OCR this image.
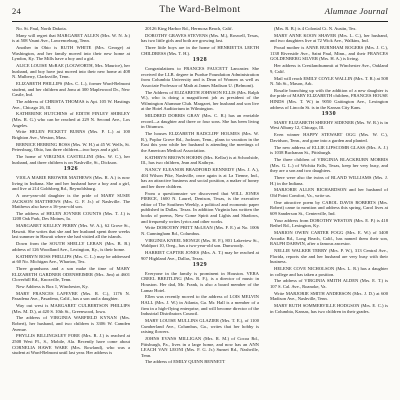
24	The Ward-Belmont	Alumnae Journal

No. St. Paul, North Dakota.

Many will regret that MARGARET ALLEN (Mrs. W. N. Jr.) is at 508 Vaunt Ave., Lawrenceburg, Tenn.

Another in Ohio is RUTH WHITE (Mrs. George) at Washington, and her family moved into their new home at Lyndon, Ky. The Mills have a boy and a girl.

ALICE LOUISE McRAE (LOGWORTH, Mrs. Maurice), her husband, and boy have just moved into their new home at 408 N. Mulberry, Clarksville, Tenn.

ELIZABETH PHILLIPS (Mrs. C. L.), former Ward-Belmont student, and her children and Jonu at 300 Maplewood Dr., New Castle, Ind.

The address of CHRISTA THOMAS is Apt. 105 W. Hastings Ave., Chicago 26, Ill.

KATHERINE HUTCHINS of EDITH FINLEY SHIRLEY (Mrs. R. G.) who can be reached at 229 N. Second Ave., Los Angeles.

Write HELEN PICKETT BURNS (Mrs. P. L.) at 100 Brighton Ave., Weston, Mass.

BERNICE HERRING ROSS (Mrs. W. H.) at 45 W. Wells, St. Petersburg, Ohio, has three children—two boys and a girl.

The home of VIRGINIA CASTELLINI (Mrs. W. C.), her husband, and three children is on Nashville, St., Dickson.

1926

VIOLA MARIE BROWER MATHEWS (Mrs. R. A.) is now living in Indiana. She and her husband have a boy and a girl, and live at 214 Goldsberg Rd., Reynoldsburg.

A one-year-old daughter is the pride of MARY SUSIE JACKSON MATTHEWS (Mrs. G. F. Jr.) of Nashville. The Matthews also have a 16-year-old son.

The address of HELEN JOYNER COUNTS (Mrs. T. J.) is 1208 Oak Park, Des Moines, Ia.

MARGARET KELLEY PERRY (Mrs. W. A.), 62 Grove St., Hawaii. She writes that she and her husband spent three weeks last summer in Hawaii where she had visited all the islands.

Down from the SOUTH SHELLY LEBAN (Mrs. B. B.) address of 126 Woodland Ave., Lexington, Ky., is their home.

KATHRYN ROSS PHILLIPS (Mrs. C. L.) may be addressed at 60 No. Michigan Ave., Wharton, Tex.

Three grandsons and a son make the time of MARY ELIZABETH GARDNER ODENHEIMER (Mrs. Jim) at 4601 Cloverhill Rd., Knoxville, Tenn.

New Address is Box 1, Winchester, Ky.

MARY FRANCES LAFEVRE (Mrs. R. C.), 1176 N. Pasadena Ave., Pasadena, Calif., has a son and a daughter.

Way out west is MARGARET CULBERTSON PHILLIPS (Mrs. M. D.), at 420 S. 10th St., Greenwood, Iowa.

The address of VIRGINIA WARFIELD KYNAN (Mrs. Robert), her husband, and two children is 3306 W. Camden Avenue.

PHYLLIS BILLINGSLEY FORE (Mrs. R. J.) is reached at 2508 West Pl., S., Mobile, Ala. Recently have come about CORNELIA HAWE WARE (Mrs. Rowland), who was a student at Ward-Belmont until last year. Her address is

20126 King Harbor Rd., Hermosa Beach, Calif.

DOROTHY GRAVES STEVENS (Mrs. M.), Roswell, Texas, has two little girls and both are growing fast.

Three little boys are in the home of HENRIETTA LEETH CHILDRESS (Mrs. T. H.).

1928

Congratulations to FRANCES FAUCETT Lancaster. She received the LLB. degree in Purdue Foundation Administration from Columbia University and is Dean of Women as well as Associate Professor of Math at James Madison U. (Belmont).

The Address of ELIZABETH JOHNSON ELLIS (Mrs. Ralph W.), who is doing a magnificent job as president of the Wilmington Alumnae Club. Margaret, her husband and son live at the Hotel Auditorium in Wilmington.

MILDRED DORRIS GRAY (Mrs. C. R.) has an enviable record—a daughter and three or four sons. She has been living in Ottumwa.

The houses ELIZABETH RADCLIFF HOLMES (Mrs. W. R.), Poplar Grove Rd., Jackson, Tenn., plans to vacation in the East this year while her husband is attending the meetings of the American Medical Association.

KATHRYN BROWN HOEHN (Mrs. Kellar) is at Schoolside, Ill., has two children, Jean and Kathryn.

NANCY ELEANOR BRADFORD KENNEDY (Mrs. J. A.), 404 Wilson Pike, Nashville, once again is at La Tienne, Ind., has an attractive business and social position, a maker of honey and her three children.

From a questionnaire we discovered that WILL JONES PIERCE, 1600 N. Laurel, Denison, Texas, is the executive editor of The Southern Weekly, a political and economic paper published in Dallas. Texas. In addition Virginia has written the books of poems, New Come Spirit and Lights and Shadows, and frequently writes lyrics and other works.

Write DOROTHY PRITT McLEAN (Mrs. F. E.) at No. 1006 N. Cunningham Rd., Columbus.

VIRGINIA KNEEL MONGE (Mrs. H. F.), 801 Lakeview St., Waldport 10, Oreg., has a two-year-old son. Dunwoody.

HARRIET CAPTER JONES (Mrs. A. T.) may be reached at 907 Highland Ave., Dallas, Texas.

1929

Everyone in the family is prominent in Houston. VERA CREEL BREITLING (Mrs. R. F.), is a director of music in Houston. Her dad, Mr. Frank, is also a board member of the Lamar Hotel.

Ellen was recently moved to the address of LOIS MELVIN HALL (Mrs. J. W.) in Atlanta, Ga. Mr. Hall is a member of a firm in a high-flying enterprise, and will become director of the Industrial Distributors Council.

MARY LOUISE MULLINS GLAZIER (Mrs. T. E.), of 1100 Cumberland Ave., Columbus, Ga., writes that her hobby is raising flowers.

JOHNS EVANS MILLIGAN (Mrs. R. M.) of Cocoa Rd., Pittsburgh, Pa., lives in a large home, and now has an ANN LEACH VAN LEONI (Mrs. F. G. Jr.) Sunset Rd., Nashville, Tenn.

The address of EMILY QUINN BENNETT

(Mrs. R. B.) is 4 Colonial Ct. N. Austin, Tex.

MARY ANNE KOON SHAVER (Mrs. L. C.), her husband, and two daughters live at 72 Wick Ave., Walkins, Ind.

Proud mother is ANNE BURNHAM ROGERS (Mrs. J. C.), 1138 Riverside Ave., Saint Paul, Minn., and their FRANCES GOLDENBERG SILVER (Mrs. H. A.) is living.

Her address is Crestlandsummit at Winchester Ave., Oakland 9, Calif.

Mail will reach EMILY COYLE WALLIN (Mrs. T. R.) at 508 N. 5th St., Mason, Ark.

Rosalie branching up with the addition of a new daughter is the pride of MARY ELIZABETH children, FRANCES HOUSE HINDS (Mrs. T. W.) in 9050 Gaitington Ave., Lexington address of Lincoln St. is in the Kansas City Kans.

1930

MARY ELIZABETH SHEEHY SIDENER (Mrs. W. R.) is in West Albany 12, Chicago, Ill.

Even winner HAPPY STEWART OGG (Mrs. W. C.), Davidson, Tenn., and gone into a garden and planted.

The new address of ELLIE LIPSCOMB GLASS (Mrs. A. J.) is 1038 Buchanan St., Pittsburgh.

The three children of VIRGINIA BLACKBURN MORRIS (Mrs. G. L.) of Wichita Falls, Texas, keep her very busy, and they are a son and two daughters.

There were also the twins of BLAND WILLIAMS (Mrs. J. H.) in the Indiana.

MARJORIE ALLEN RICHARDSON and her husband of Old Point Comfort, Va., write us.

One attractive poem by CAROL DAVIS ROBERTS (Mrs. Robert) came to mention and address this spring, Carol lives at 609 Sanderson St., Centerville, Ind.

Your address from DOROTHY WESTON (Mrs. E. P.) is 418 Bethel Rd., Lexington, Ky.

MARION OWEN CARTER FOGG (Mrs. E. W.) of 3408 Arcadia Rd., Long Beach, Calif., has named them their son, RALPH DARWIN, after a famous ancestor.

NELLIE WALKER TERRY (Mrs. P. W.), 313 Central Ave., Florida, reports she and her husband are very busy with their business.

HELENE COVE NICHOLSON (Mrs. L. R.) has a daughter in college and has taken a position.

The address of VIRGINIA SMITH ALDEN (Mrs. E. T.) is 107 S. Cal. Ave., Roanoke, Va.

Write MARJORIE SMITH ANDERSON (Mrs. J. D.) at 600 Madison Ave., Nashville, Tenn.

MARY RUTH SOMMERVILLE HODGSON (Mrs. E. C.) is in Columbia, Kansas, has two children in their grades.
